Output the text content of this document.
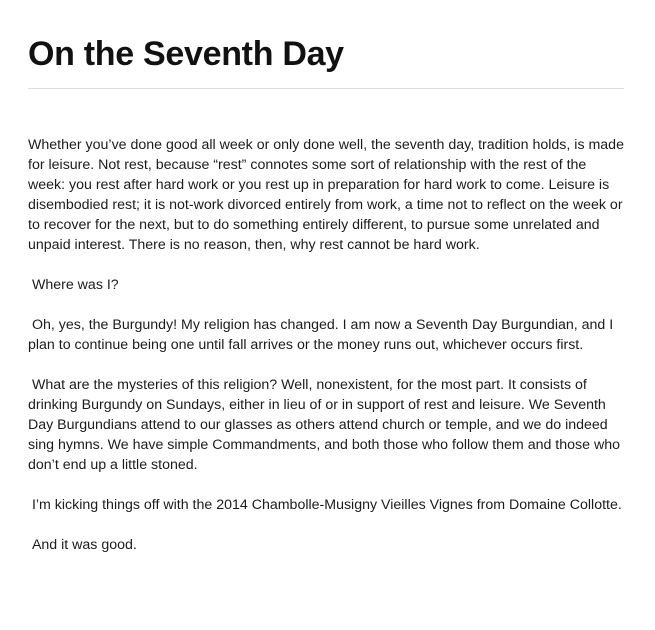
On the Seventh Day

Whether you’ve done good all week or only done well, the seventh day, tradition holds, is made for leisure. Not rest, because “rest” connotes some sort of relationship with the rest of the week: you rest after hard work or you rest up in preparation for hard work to come. Leisure is disembodied rest; it is not-work divorced entirely from work, a time not to reflect on the week or to recover for the next, but to do something entirely different, to pursue some unrelated and unpaid interest. There is no reason, then, why rest cannot be hard work.

Where was I?

Oh, yes, the Burgundy! My religion has changed. I am now a Seventh Day Burgundian, and I plan to continue being one until fall arrives or the money runs out, whichever occurs first.

What are the mysteries of this religion? Well, nonexistent, for the most part. It consists of drinking Burgundy on Sundays, either in lieu of or in support of rest and leisure. We Seventh Day Burgundians attend to our glasses as others attend church or temple, and we do indeed sing hymns. We have simple Commandments, and both those who follow them and those who don’t end up a little stoned.

I’m kicking things off with the 2014 Chambolle-Musigny Vieilles Vignes from Domaine Collotte.

And it was good.
